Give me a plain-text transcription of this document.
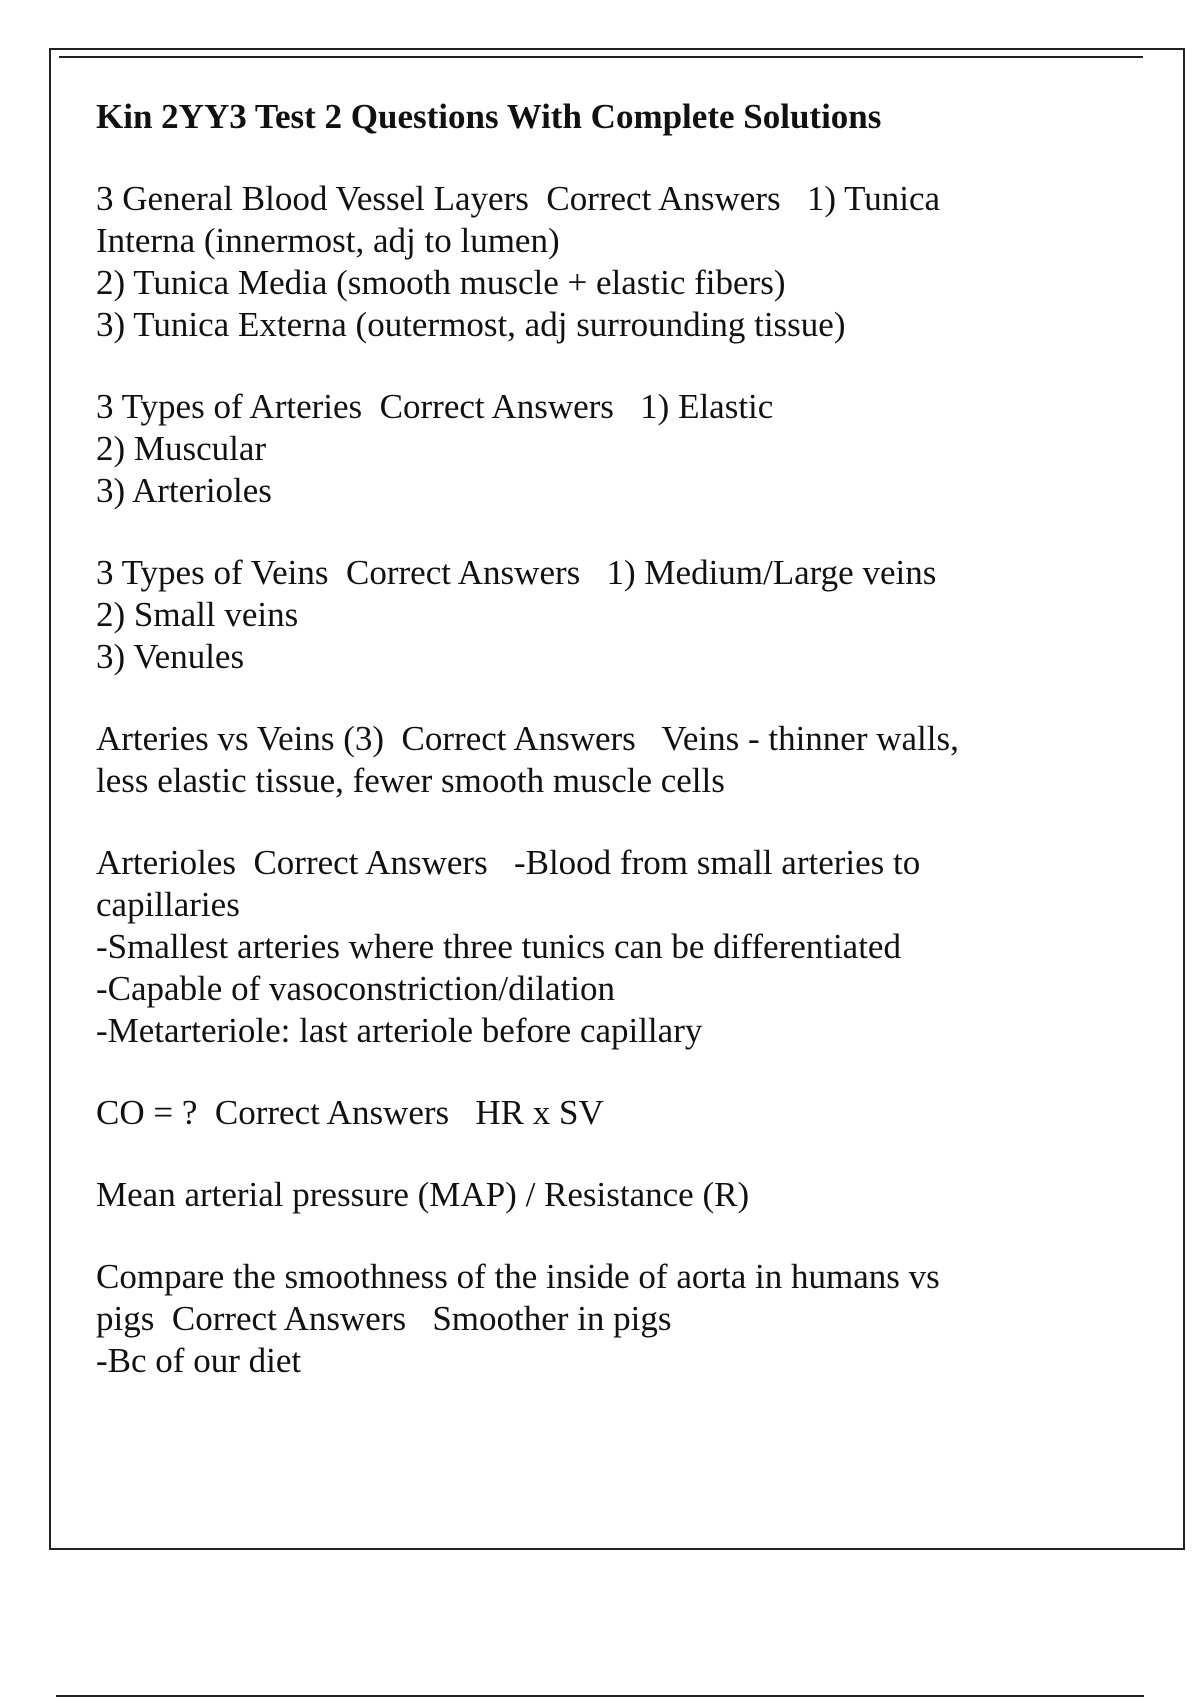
Kin 2YY3 Test 2 Questions With Complete Solutions
3 General Blood Vessel Layers  Correct Answers   1) Tunica
Interna (innermost, adj to lumen)
2) Tunica Media (smooth muscle + elastic fibers)
3) Tunica Externa (outermost, adj surrounding tissue)
3 Types of Arteries  Correct Answers   1) Elastic
2) Muscular
3) Arterioles
3 Types of Veins  Correct Answers   1) Medium/Large veins
2) Small veins
3) Venules
Arteries vs Veins (3)  Correct Answers   Veins - thinner walls,
less elastic tissue, fewer smooth muscle cells
Arterioles  Correct Answers   -Blood from small arteries to
capillaries
-Smallest arteries where three tunics can be differentiated
-Capable of vasoconstriction/dilation
-Metarteriole: last arteriole before capillary
CO = ?  Correct Answers   HR x SV
Mean arterial pressure (MAP) / Resistance (R)
Compare the smoothness of the inside of aorta in humans vs
pigs  Correct Answers   Smoother in pigs
-Bc of our diet
